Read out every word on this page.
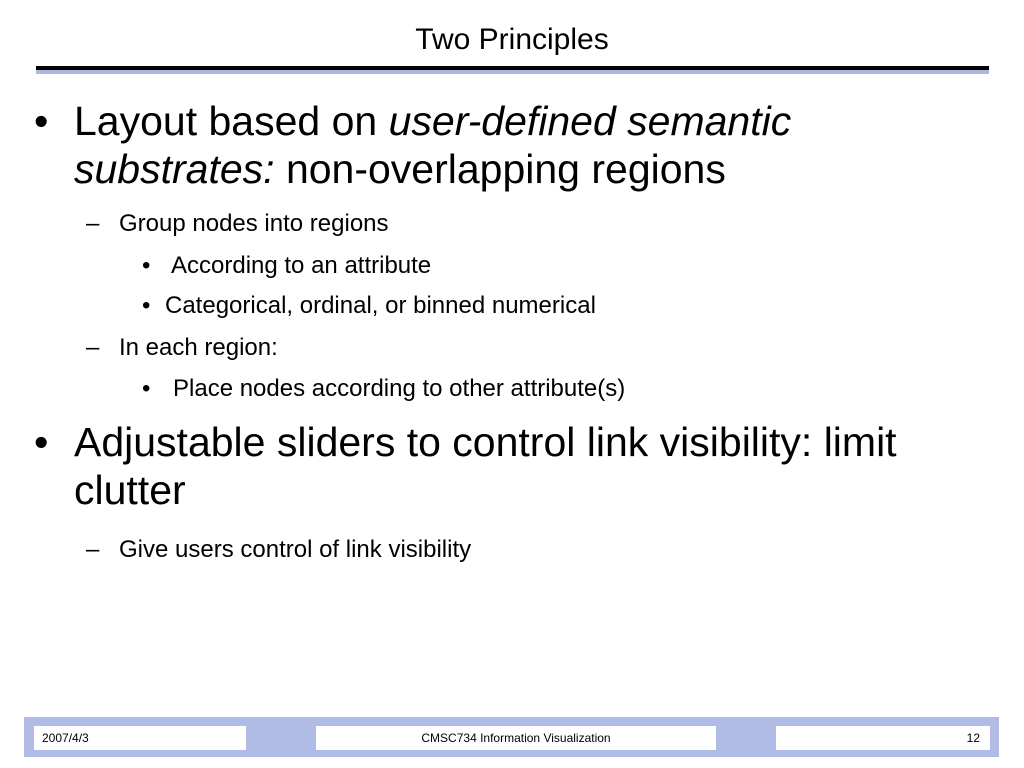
Two Principles
• Layout based on user-defined semantic substrates: non-overlapping regions
– Group nodes into regions
• According to an attribute
• Categorical, ordinal, or binned numerical
– In each region:
• Place nodes according to other attribute(s)
• Adjustable sliders to control link visibility: limit clutter
– Give users control of link visibility
2007/4/3	CMSC734 Information Visualization	12
